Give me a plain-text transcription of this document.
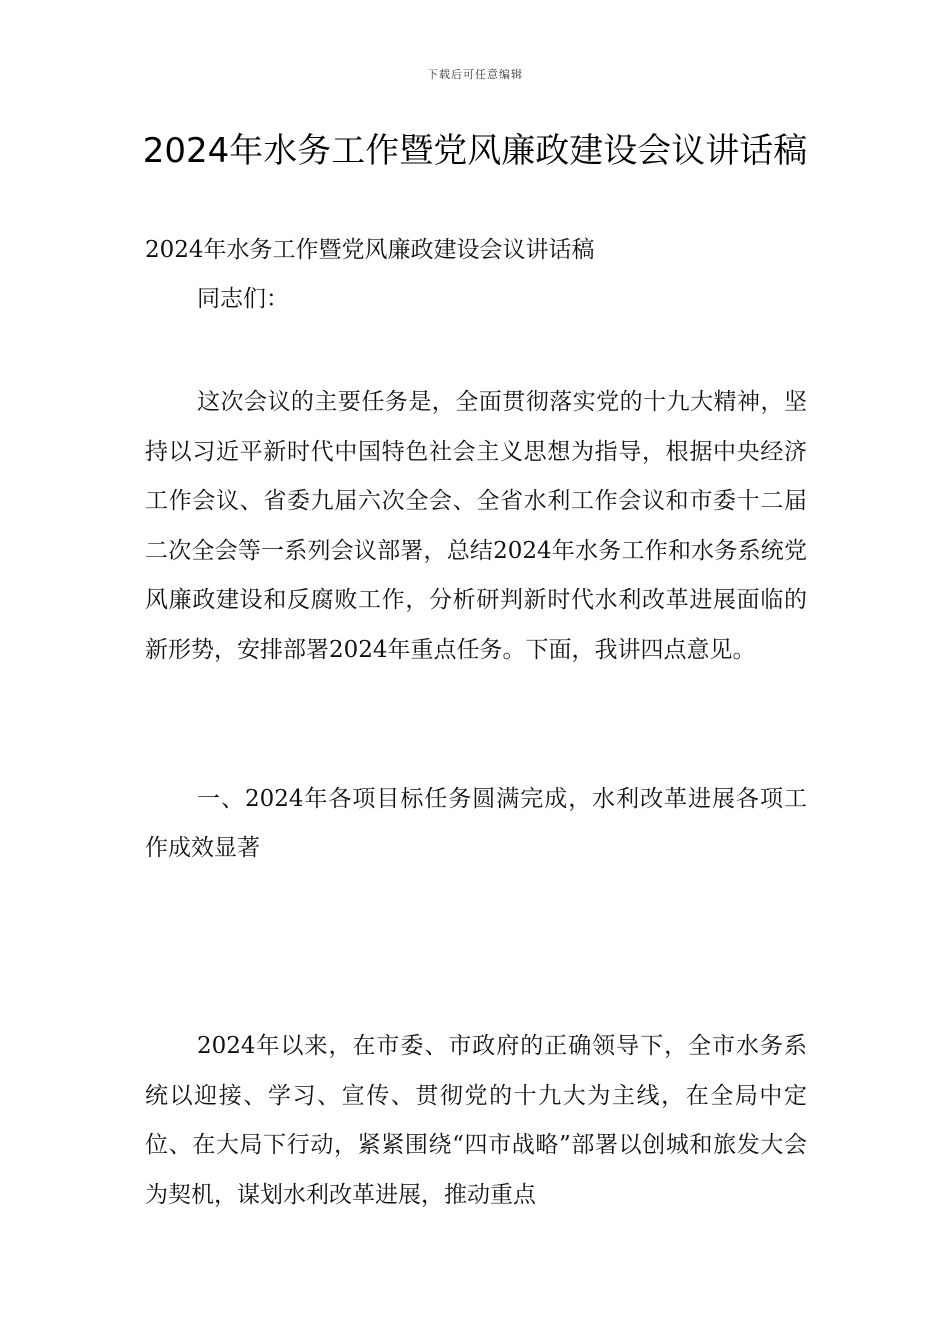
下载后可任意编辑
2024年水务工作暨党风廉政建设会议讲话稿
2024年水务工作暨党风廉政建设会议讲话稿
同志们：

这次会议的主要任务是，全面贯彻落实党的十九大精神，坚持以习近平新时代中国特色社会主义思想为指导，根据中央经济工作会议、省委九届六次全会、全省水利工作会议和市委十二届二次全会等一系列会议部署，总结2024年水务工作和水务系统党风廉政建设和反腐败工作，分析研判新时代水利改革进展面临的新形势，安排部署2024年重点任务。下面，我讲四点意见。

一、2024年各项目标任务圆满完成，水利改革进展各项工作成效显著

2024年以来，在市委、市政府的正确领导下，全市水务系统以迎接、学习、宣传、贯彻党的十九大为主线，在全局中定位、在大局下行动，紧紧围绕“四市战略”部署以创城和旅发大会为契机，谋划水利改革进展，推动重点
